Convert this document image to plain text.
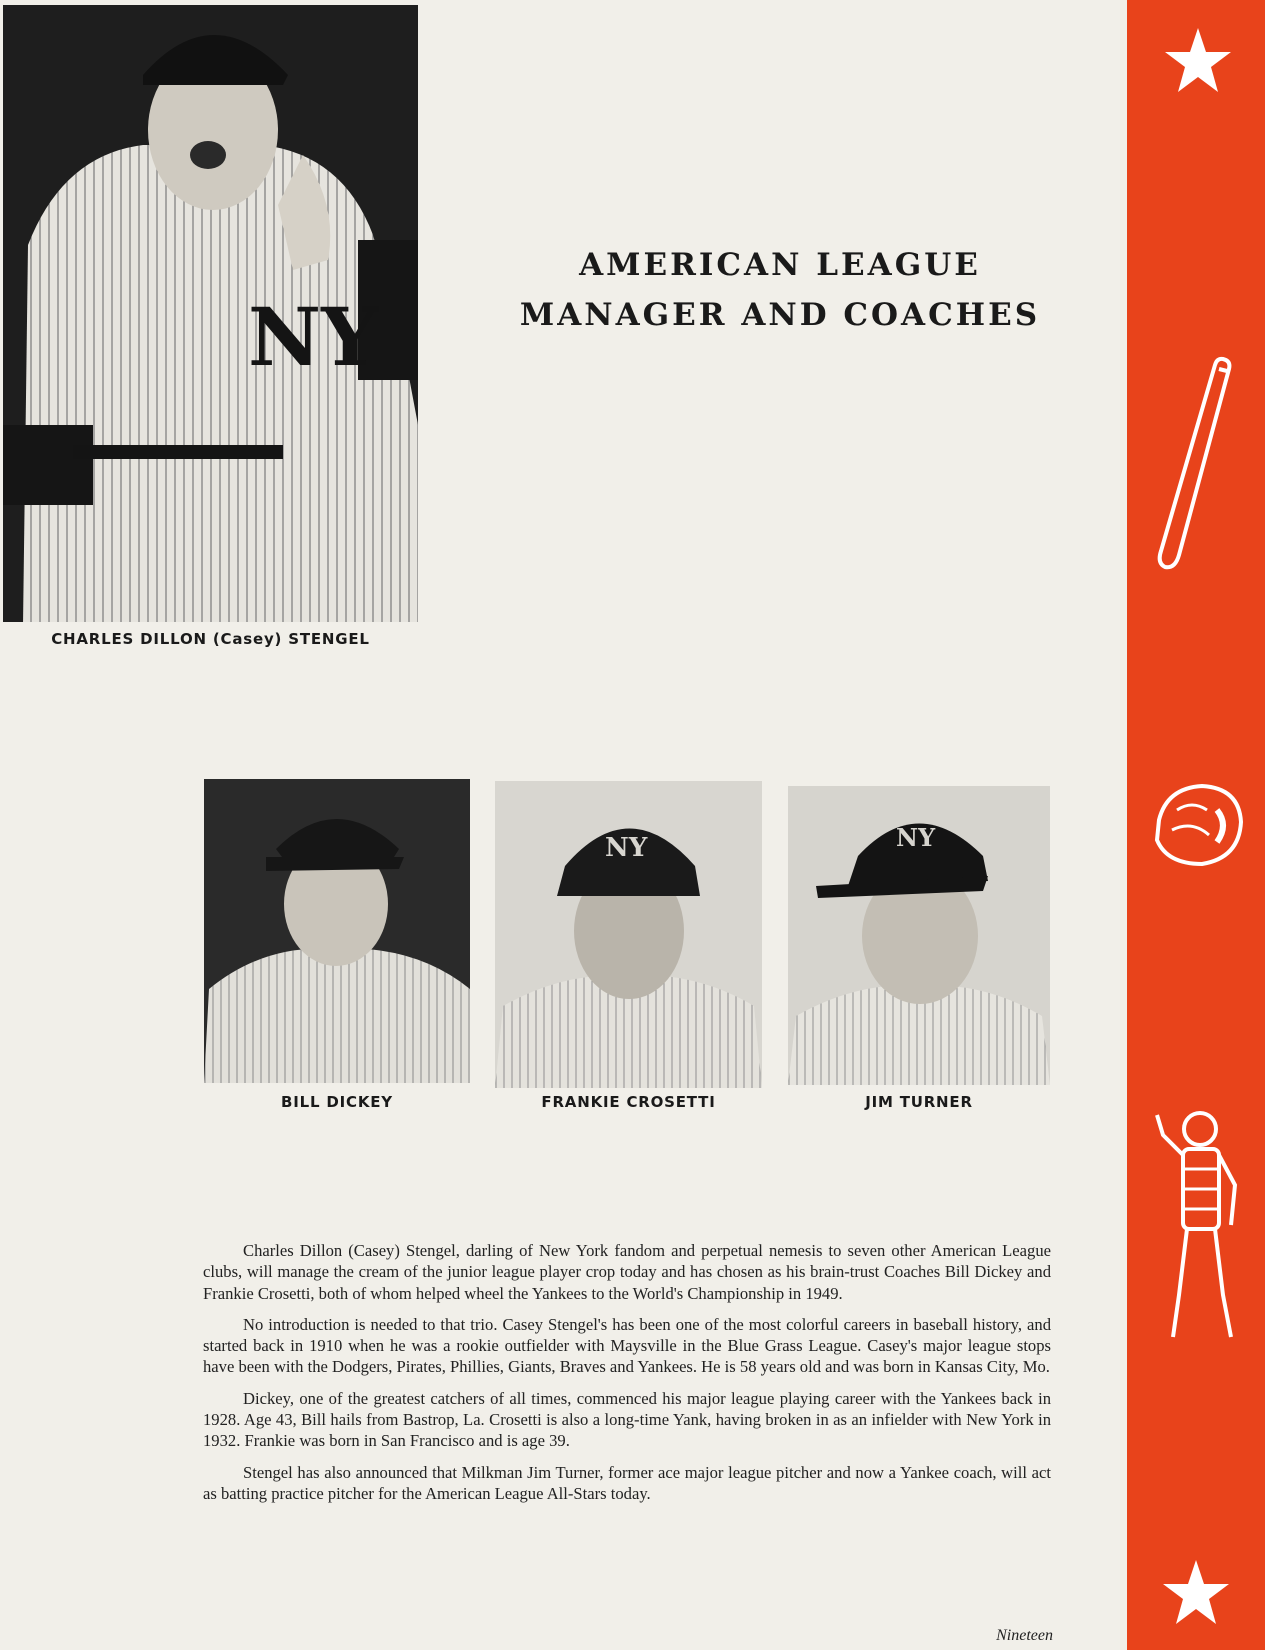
NY
CHARLES DILLON (Casey) STENGEL
AMERICAN LEAGUE
MANAGER AND COACHES
BILL DICKEY
NY
FRANKIE CROSETTI
NY
JIM TURNER

Charles Dillon (Casey) Stengel, darling of New York fandom and perpetual nemesis to seven other American League clubs, will manage the cream of the junior league player crop today and has chosen as his brain-trust Coaches Bill Dickey and Frankie Crosetti, both of whom helped wheel the Yankees to the World's Championship in 1949.

No introduction is needed to that trio. Casey Stengel's has been one of the most colorful careers in baseball history, and started back in 1910 when he was a rookie outfielder with Maysville in the Blue Grass League. Casey's major league stops have been with the Dodgers, Pirates, Phillies, Giants, Braves and Yankees. He is 58 years old and was born in Kansas City, Mo.

Dickey, one of the greatest catchers of all times, commenced his major league playing career with the Yankees back in 1928. Age 43, Bill hails from Bastrop, La. Crosetti is also a long-time Yank, having broken in as an infielder with New York in 1932. Frankie was born in San Francisco and is age 39.

Stengel has also announced that Milkman Jim Turner, former ace major league pitcher and now a Yankee coach, will act as batting practice pitcher for the American League All-Stars today.

Nineteen
